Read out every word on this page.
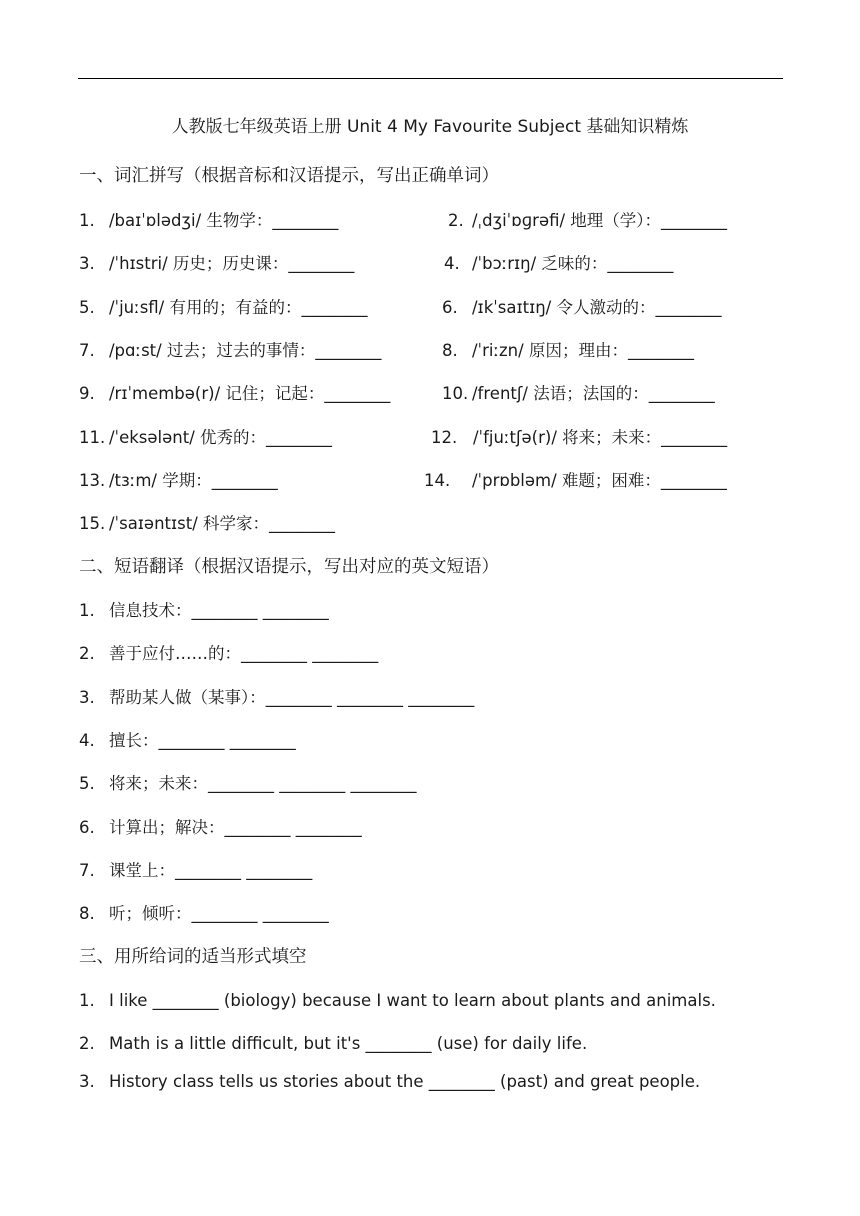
人教版七年级英语上册 Unit 4 My Favourite Subject 基础知识精炼
一、词汇拼写（根据音标和汉语提示，写出正确单词）
1. /baɪˈɒlədʒi/ 生物学：________	2. /ˌdʒiˈɒɡrəfi/ 地理（学）：________
3. /ˈhɪstri/ 历史；历史课：________	4. /ˈbɔːrɪŋ/ 乏味的：________
5. /ˈjuːsfl/ 有用的；有益的：________	6. /ɪkˈsaɪtɪŋ/ 令人激动的：________
7. /pɑːst/ 过去；过去的事情：________	8. /ˈriːzn/ 原因；理由：________
9. /rɪˈmembə(r)/ 记住；记起：________	10. /frentʃ/ 法语；法国的：________
11. /ˈeksələnt/ 优秀的：________	12. /ˈfjuːtʃə(r)/ 将来；未来：________
13. /tɜːm/ 学期：________	14. /ˈprɒbləm/ 难题；困难：________
15. /ˈsaɪəntɪst/ 科学家：________
二、短语翻译（根据汉语提示，写出对应的英文短语）
1. 信息技术：________ ________
2. 善于应付……的：________ ________
3. 帮助某人做（某事）：________ ________ ________
4. 擅长：________ ________
5. 将来；未来：________ ________ ________
6. 计算出；解决：________ ________
7. 课堂上：________ ________
8. 听；倾听：________ ________
三、用所给词的适当形式填空
1. I like ________ (biology) because I want to learn about plants and animals.
2. Math is a little difficult, but it's ________ (use) for daily life.
3. History class tells us stories about the ________ (past) and great people.
